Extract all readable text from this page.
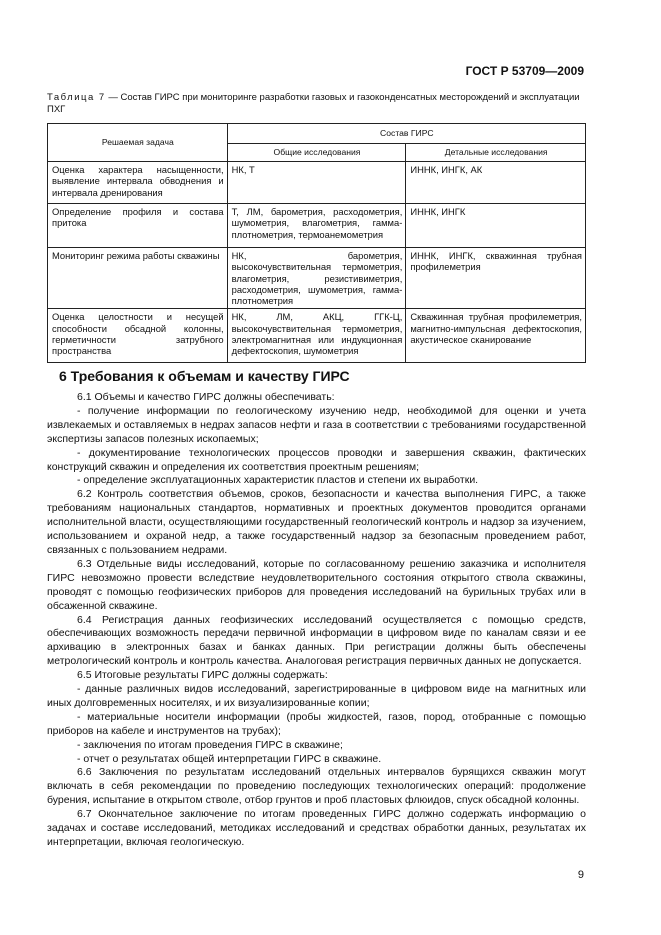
ГОСТ Р 53709—2009
Таблица 7 — Состав ГИРС при мониторинге разработки газовых и газоконденсатных месторождений и эксплуатации ПХГ
Решаемая задача	Состав ГИРС	
	Общие исследования	Детальные исследования
Оценка характера насыщенности, выявление интервала обводнения и интервала дренирования	НК, Т	ИННК, ИНГК, АК
Определение профиля и состава притока	Т, ЛМ, барометрия, расходометрия, шумометрия, влагометрия, гамма-плотнометрия, термоанемометрия	ИННК, ИНГК
Мониторинг режима работы скважины	НК, барометрия, высокочувствительная термометрия, влагометрия, резистивиметрия, расходометрия, шумометрия, гамма-плотнометрия	ИННК, ИНГК, скважинная трубная профилеметрия
Оценка целостности и несущей способности обсадной колонны, герметичности затрубного пространства	НК, ЛМ, АКЦ, ГГК-Ц, высокочувствительная термометрия, электромагнитная или индукционная дефектоскопия, шумометрия	Скважинная трубная профилеметрия, магнитно-импульсная дефектоскопия, акустическое сканирование
6 Требования к объемам и качеству ГИРС

6.1 Объемы и качество ГИРС должны обеспечивать:

- получение информации по геологическому изучению недр, необходимой для оценки и учета извлекаемых и оставляемых в недрах запасов нефти и газа в соответствии с требованиями государственной экспертизы запасов полезных ископаемых;

- документирование технологических процессов проводки и завершения скважин, фактических конструкций скважин и определения их соответствия проектным решениям;

- определение эксплуатационных характеристик пластов и степени их выработки.

6.2 Контроль соответствия объемов, сроков, безопасности и качества выполнения ГИРС, а также требованиям национальных стандартов, нормативных и проектных документов проводится органами исполнительной власти, осуществляющими государственный геологический контроль и надзор за изучением, использованием и охраной недр, а также государственный надзор за безопасным проведением работ, связанных с пользованием недрами.

6.3 Отдельные виды исследований, которые по согласованному решению заказчика и исполнителя ГИРС невозможно провести вследствие неудовлетворительного состояния открытого ствола скважины, проводят с помощью геофизических приборов для проведения исследований на бурильных трубах или в обсаженной скважине.

6.4 Регистрация данных геофизических исследований осуществляется с помощью средств, обеспечивающих возможность передачи первичной информации в цифровом виде по каналам связи и ее архивацию в электронных базах и банках данных. При регистрации должны быть обеспечены метрологический контроль и контроль качества. Аналоговая регистрация первичных данных не допускается.

6.5 Итоговые результаты ГИРС должны содержать:

- данные различных видов исследований, зарегистрированные в цифровом виде на магнитных или иных долговременных носителях, и их визуализированные копии;

- материальные носители информации (пробы жидкостей, газов, пород, отобранные с помощью приборов на кабеле и инструментов на трубах);

- заключения по итогам проведения ГИРС в скважине;

- отчет о результатах общей интерпретации ГИРС в скважине.

6.6 Заключения по результатам исследований отдельных интервалов бурящихся скважин могут включать в себя рекомендации по проведению последующих технологических операций: продолжение бурения, испытание в открытом стволе, отбор грунтов и проб пластовых флюидов, спуск обсадной колонны.

6.7 Окончательное заключение по итогам проведенных ГИРС должно содержать информацию о задачах и составе исследований, методиках исследований и средствах обработки данных, результатах их интерпретации, включая геологическую.

9
